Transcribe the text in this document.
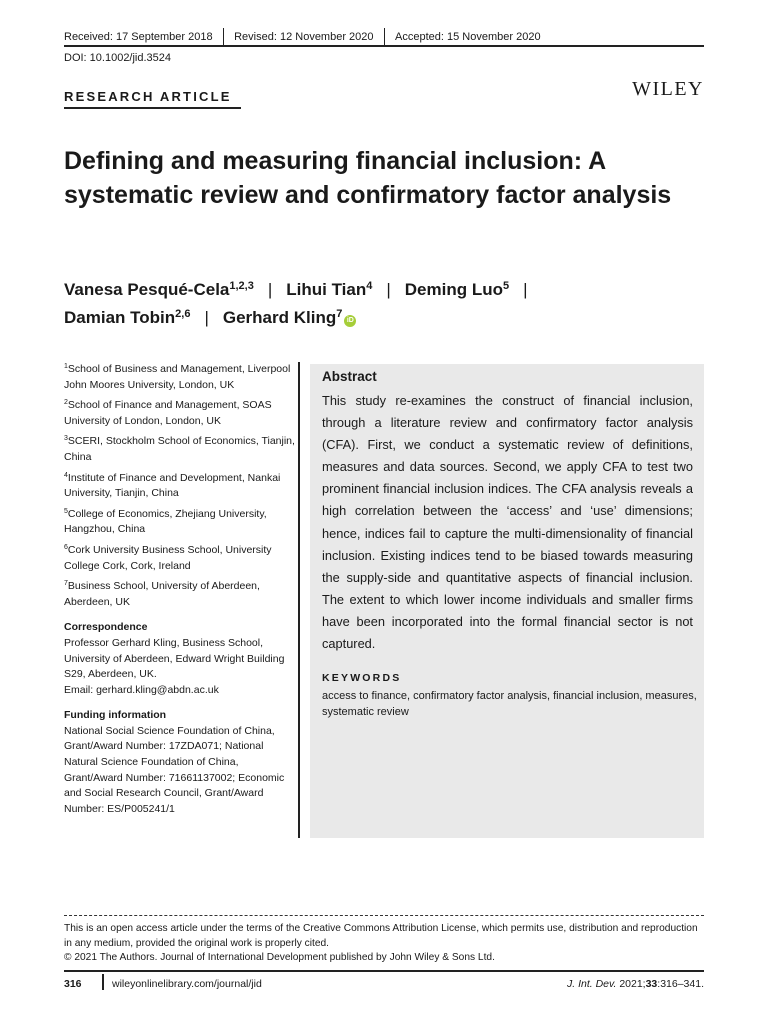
Received: 17 September 2018 Revised: 12 November 2020 Accepted: 15 November 2020
DOI: 10.1002/jid.3524
RESEARCH ARTICLE	WILEY
Defining and measuring financial inclusion: A systematic review and confirmatory factor analysis
Vanesa Pesqué-Cela$^{1,2,3}$ | Lihui Tian$^4$ | Deming Luo$^5$ |
Damian Tobin$^{2,6}$ | Gerhard Kling$^7$iD
$^1$School of Business and Management, Liverpool John Moores University, London, UK
$^2$School of Finance and Management, SOAS University of London, London, UK
$^3$SCERI, Stockholm School of Economics, Tianjin, China
$^4$Institute of Finance and Development, Nankai University, Tianjin, China
$^5$College of Economics, Zhejiang University, Hangzhou, China
$^6$Cork University Business School, University College Cork, Cork, Ireland
$^7$Business School, University of Aberdeen, Aberdeen, UK
Correspondence
Professor Gerhard Kling, Business School, University of Aberdeen, Edward Wright Building S29, Aberdeen, UK.
Email: gerhard.kling@abdn.ac.uk
Funding information
National Social Science Foundation of China, Grant/Award Number: 17ZDA071; National Natural Science Foundation of China, Grant/Award Number: 71661137002; Economic and Social Research Council, Grant/Award Number: ES/P005241/1
Abstract
This study re-examines the construct of financial inclusion, through a literature review and confirmatory factor analysis (CFA). First, we conduct a systematic review of definitions, measures and data sources. Second, we apply CFA to test two prominent financial inclusion indices. The CFA analysis reveals a high correlation between the ‘access’ and ‘use’ dimensions; hence, indices fail to capture the multi-dimensionality of financial inclusion. Existing indices tend to be biased towards measuring the supply-side and quantitative aspects of financial inclusion. The extent to which lower income individuals and smaller firms have been incorporated into the formal financial sector is not captured.
KEYWORDS
access to finance, confirmatory factor analysis, financial inclusion, measures, systematic review
This is an open access article under the terms of the Creative Commons Attribution License, which permits use, distribution and reproduction in any medium, provided the original work is properly cited.
© 2021 The Authors. Journal of International Development published by John Wiley & Sons Ltd.
316	wileyonlinelibrary.com/journal/jid	J. Int. Dev. 2021;33:316–341.
